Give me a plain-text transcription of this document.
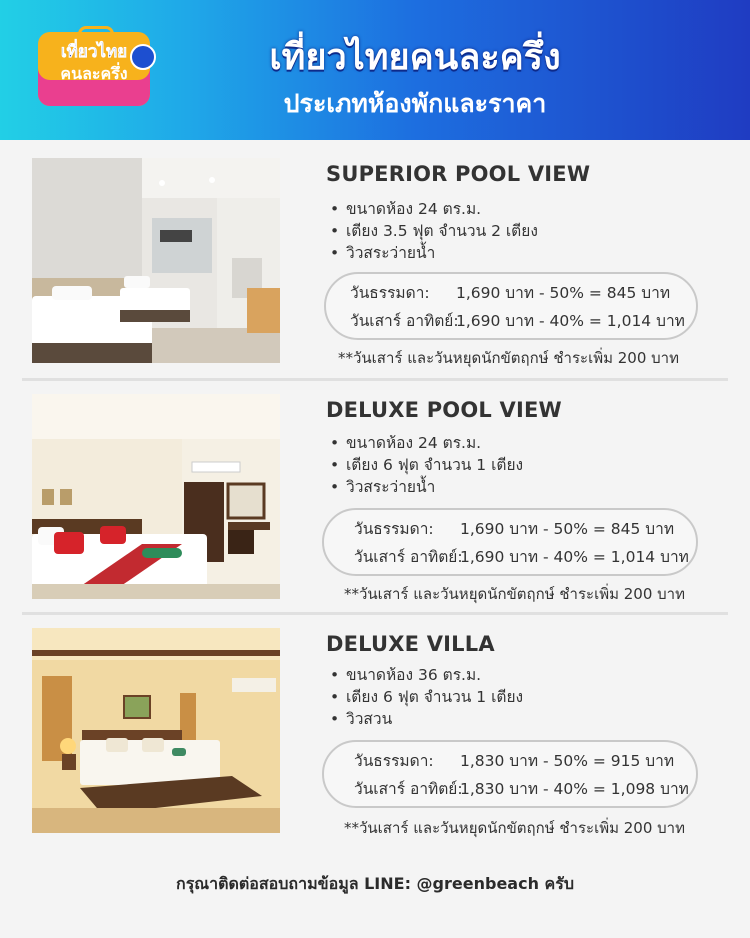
เที่ยวไทย
คนละครึ่ง	เที่ยวไทยคนละครึ่ง
ประเภทห้องพักและราคา
SUPERIOR POOL VIEW
• ขนาดห้อง 24 ตร.ม.
• เตียง 3.5 ฟุต จำนวน 2 เตียง
• วิวสระว่ายน้ำ
วันธรรมดา: 1,690 บาท - 50% = 845 บาท
วันเสาร์ อาทิตย์:1,690 บาท - 40% = 1,014 บาท
**วันเสาร์ และวันหยุดนักขัตฤกษ์ ชำระเพิ่ม 200 บาท
DELUXE POOL VIEW
• ขนาดห้อง 24 ตร.ม.
• เตียง 6 ฟุต จำนวน 1 เตียง
• วิวสระว่ายน้ำ
วันธรรมดา: 1,690 บาท - 50% = 845 บาท
วันเสาร์ อาทิตย์:1,690 บาท - 40% = 1,014 บาท
**วันเสาร์ และวันหยุดนักขัตฤกษ์ ชำระเพิ่ม 200 บาท
DELUXE VILLA
• ขนาดห้อง 36 ตร.ม.
• เตียง 6 ฟุต จำนวน 1 เตียง
• วิวสวน
วันธรรมดา: 1,830 บาท - 50% = 915 บาท
วันเสาร์ อาทิตย์:1,830 บาท - 40% = 1,098 บาท
**วันเสาร์ และวันหยุดนักขัตฤกษ์ ชำระเพิ่ม 200 บาท
กรุณาติดต่อสอบถามข้อมูล LINE: @greenbeach ครับ
